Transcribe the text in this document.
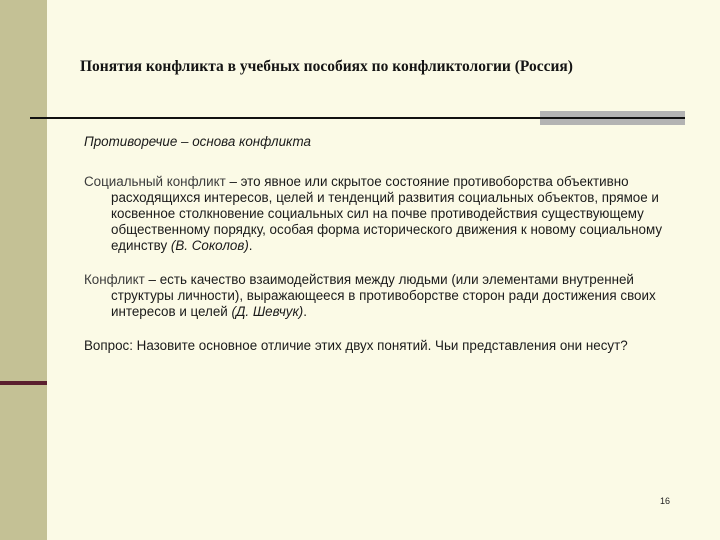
Понятия конфликта в учебных пособиях по конфликтологии (Россия)

Противоречие – основа конфликта

Социальный конфликт – это явное или скрытое состояние противоборства объективно расходящихся интересов, целей и тенденций развития социальных объектов, прямое и косвенное столкновение социальных сил на почве противодействия существующему общественному порядку, особая форма исторического движения к новому социальному единству (В. Соколов).

Конфликт – есть качество взаимодействия между людьми (или элементами внутренней структуры личности), выражающееся в противоборстве сторон ради достижения своих интересов и целей (Д. Шевчук).

Вопрос: Назовите основное отличие этих двух понятий. Чьи представления они несут?

16
